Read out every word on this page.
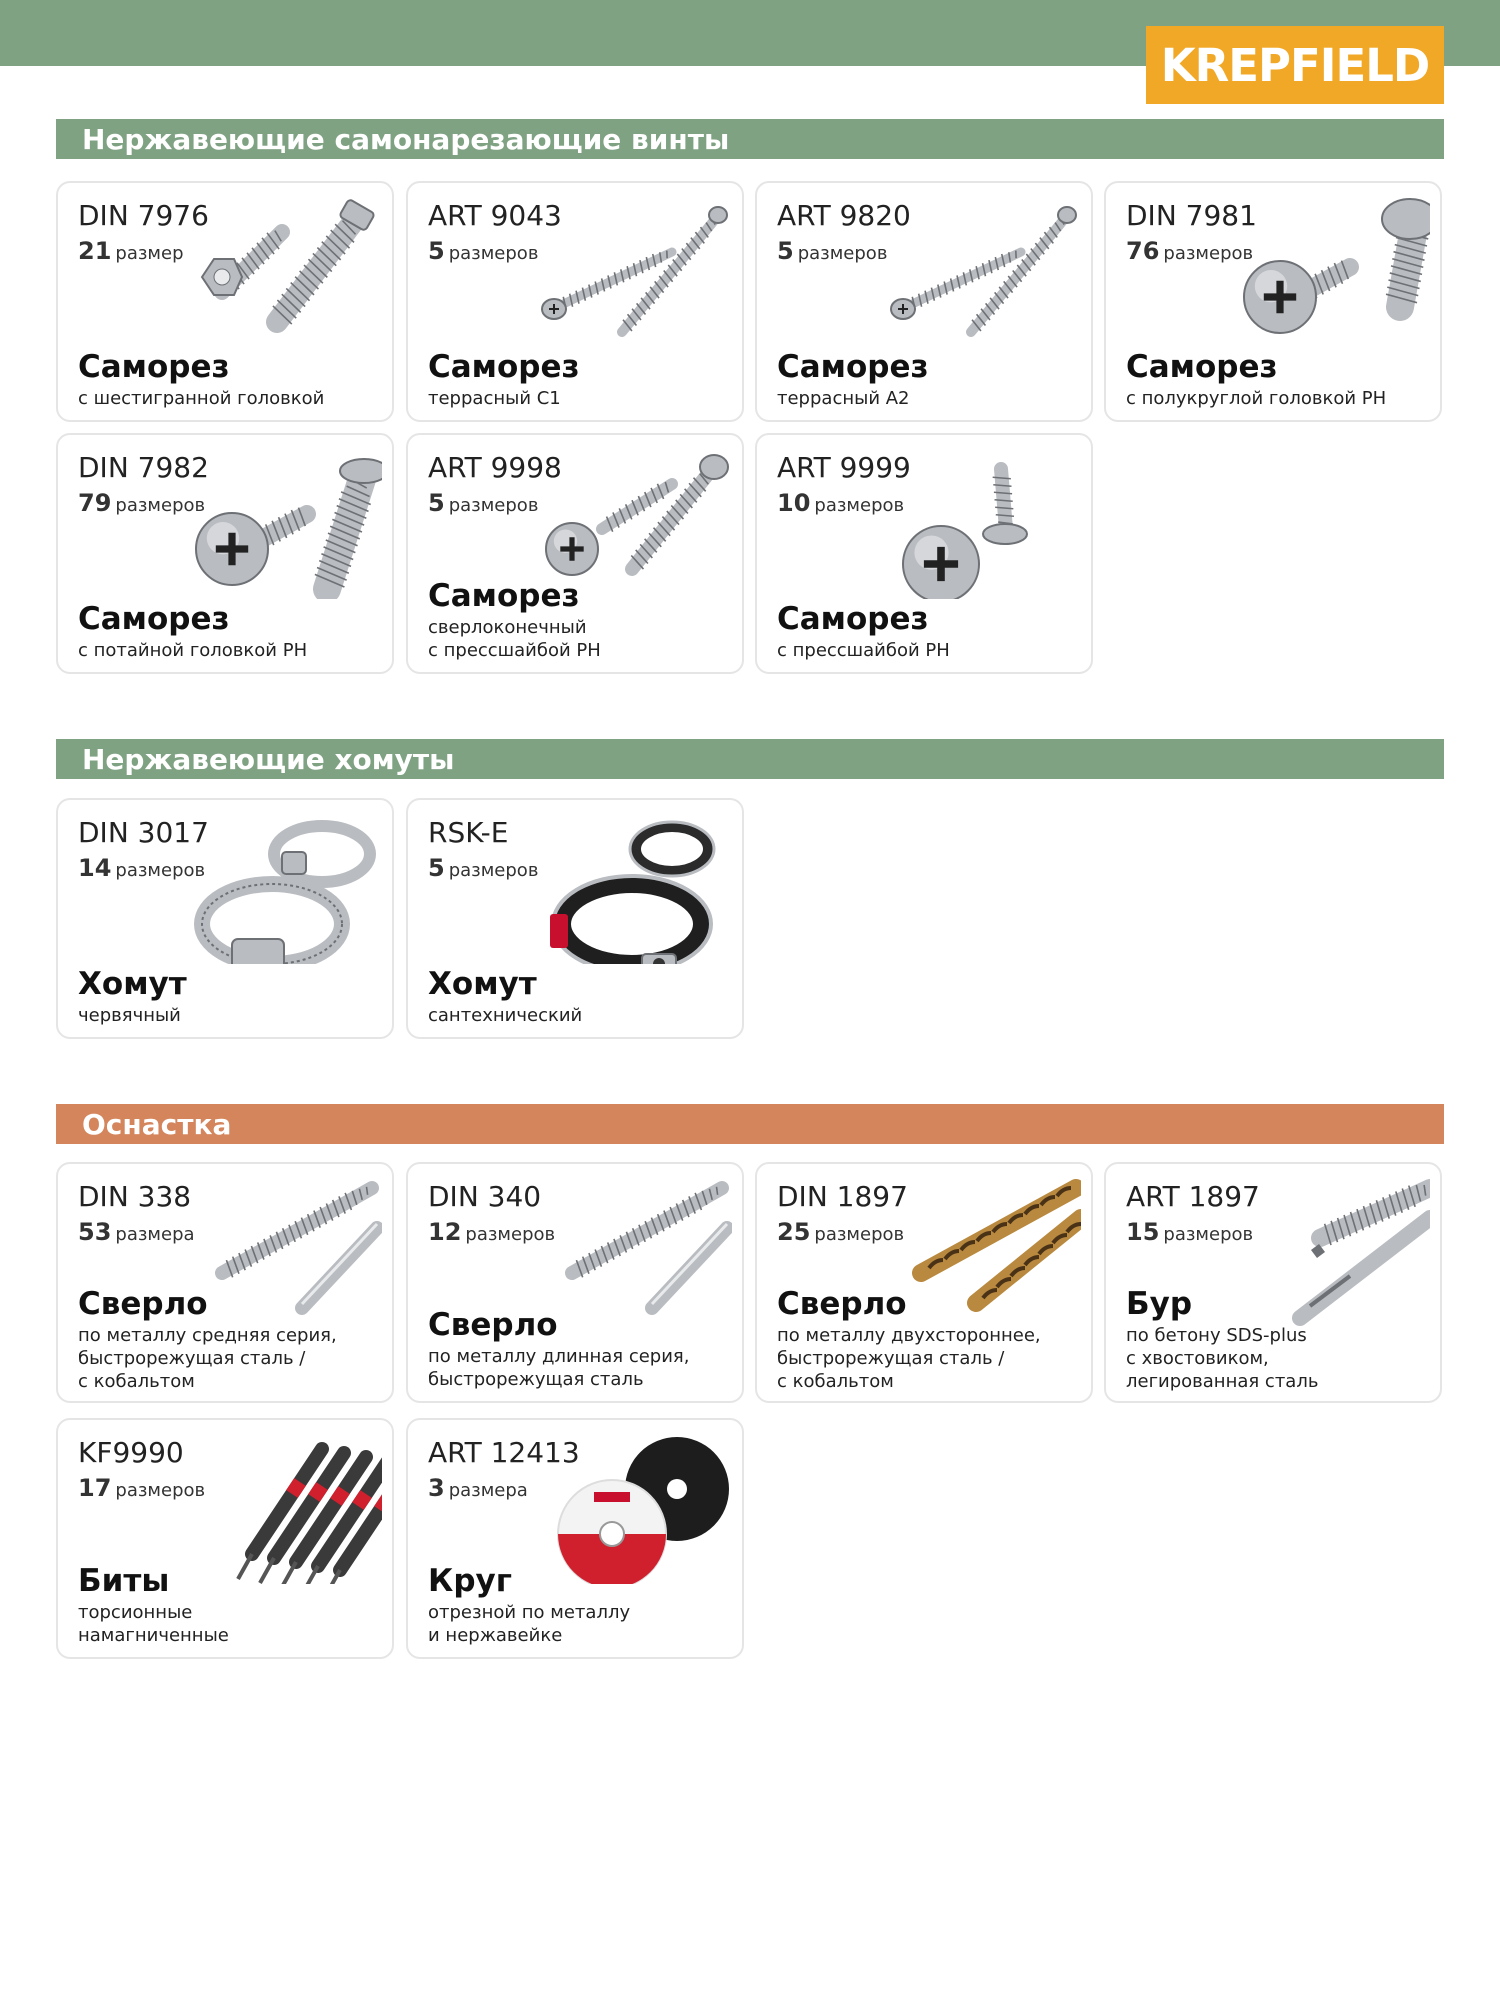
KREPFIELD
Нержавеющие самонарезающие винты
DIN 7976
21 размер
Саморез
с шестигранной головкой
ART 9043
5 размеров
Саморез
террасный С1
ART 9820
5 размеров
Саморез
террасный А2
DIN 7981
76 размеров
Саморез
с полукруглой головкой PH
DIN 7982
79 размеров
Саморез
с потайной головкой PH
ART 9998
5 размеров
Саморез
сверлоконечный
с прессшайбой PH
ART 9999
10 размеров
Саморез
с прессшайбой PH
Нержавеющие хомуты
DIN 3017
14 размеров
Хомут
червячный
RSK-E
5 размеров
Хомут
сантехнический
Оснастка
DIN 338
53 размера
Сверло
по металлу средняя серия,
быстрорежущая сталь /
с кобальтом
DIN 340
12 размеров
Сверло
по металлу длинная серия,
быстрорежущая сталь
DIN 1897
25 размеров
Сверло
по металлу двухстороннее,
быстрорежущая сталь /
с кобальтом
ART 1897
15 размеров
Бур
по бетону SDS-plus
с хвостовиком,
легированная сталь
KF9990
17 размеров
Биты
торсионные
намагниченные
ART 12413
3 размера
Круг
отрезной по металлу
и нержавейке
